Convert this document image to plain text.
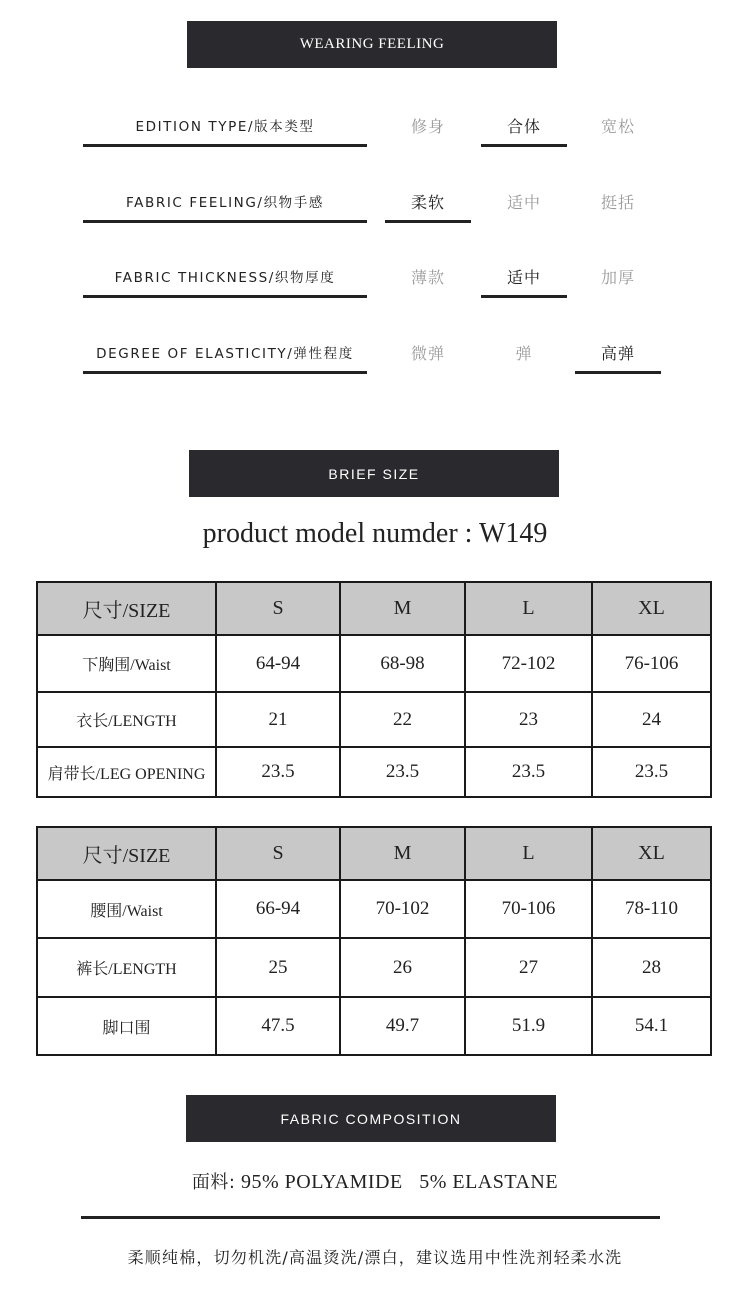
WEARING FEELING
EDITION TYPE/版本类型	修身	合体	宽松
FABRIC FEELING/织物手感	柔软	适中	挺括
FABRIC THICKNESS/织物厚度	薄款	适中	加厚
DEGREE OF ELASTICITY/弹性程度	微弹	弹	高弹
BRIEF SIZE
product model numder : W149
尺寸/SIZE	S	M	L	XL
下胸围/Waist	64-94	68-98	72-102	76-106
衣长/LENGTH	21	22	23	24
肩带长/LEG OPENING	23.5	23.5	23.5	23.5
尺寸/SIZE	S	M	L	XL
腰围/Waist	66-94	70-102	70-106	78-110
裤长/LENGTH	25	26	27	28
脚口围	47.5	49.7	51.9	54.1
FABRIC COMPOSITION
面料: 95% POLYAMIDE   5% ELASTANE
柔顺纯棉，切勿机洗/高温烫洗/漂白，建议选用中性洗剂轻柔水洗
